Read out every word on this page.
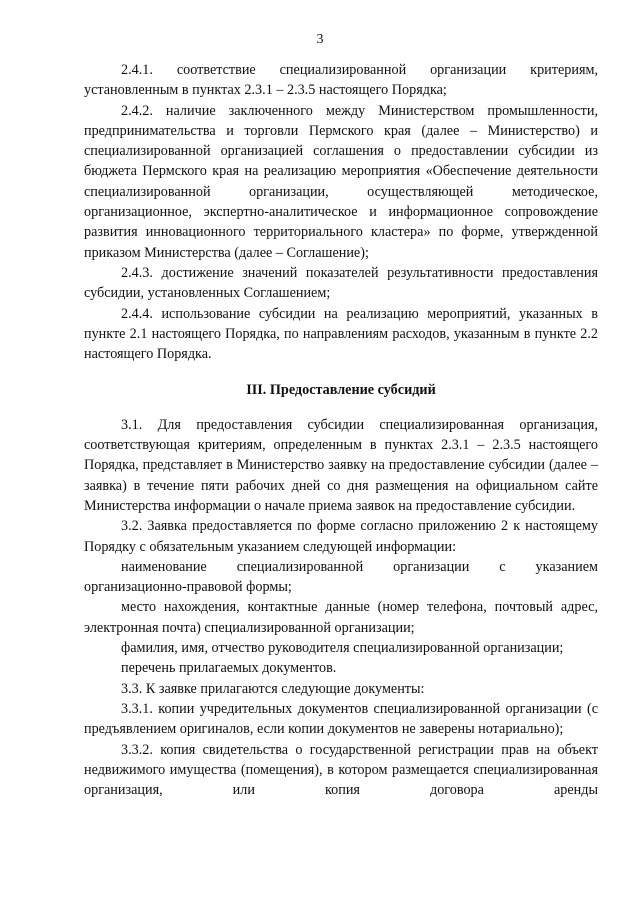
3

2.4.1. соответствие специализированной организации критериям, установленным в пунктах 2.3.1 – 2.3.5 настоящего Порядка;

2.4.2. наличие заключенного между Министерством промышленности, предпринимательства и торговли Пермского края (далее – Министерство) и специализированной организацией соглашения о предоставлении субсидии из бюджета Пермского края на реализацию мероприятия «Обеспечение деятельности специализированной организации, осуществляющей методическое, организационное, экспертно-аналитическое и информационное сопровождение развития инновационного территориального кластера» по форме, утвержденной приказом Министерства (далее – Соглашение);

2.4.3. достижение значений показателей результативности предоставления субсидии, установленных Соглашением;

2.4.4. использование субсидии на реализацию мероприятий, указанных в пункте 2.1 настоящего Порядка, по направлениям расходов, указанным в пункте 2.2 настоящего Порядка.

III. Предоставление субсидий

3.1. Для предоставления субсидии специализированная организация, соответствующая критериям, определенным в пунктах 2.3.1 – 2.3.5 настоящего Порядка, представляет в Министерство заявку на предоставление субсидии (далее – заявка) в течение пяти рабочих дней со дня размещения на официальном сайте Министерства информации о начале приема заявок на предоставление субсидии.

3.2. Заявка предоставляется по форме согласно приложению 2 к настоящему Порядку с обязательным указанием следующей информации:

наименование специализированной организации с указанием организационно-правовой формы;

место нахождения, контактные данные (номер телефона, почтовый адрес, электронная почта) специализированной организации;

фамилия, имя, отчество руководителя специализированной организации;

перечень прилагаемых документов.

3.3. К заявке прилагаются следующие документы:

3.3.1. копии учредительных документов специализированной организации (с предъявлением оригиналов, если копии документов не заверены нотариально);

3.3.2. копия свидетельства о государственной регистрации прав на объект недвижимого имущества (помещения), в котором размещается специализированная организация, или копия договора аренды
